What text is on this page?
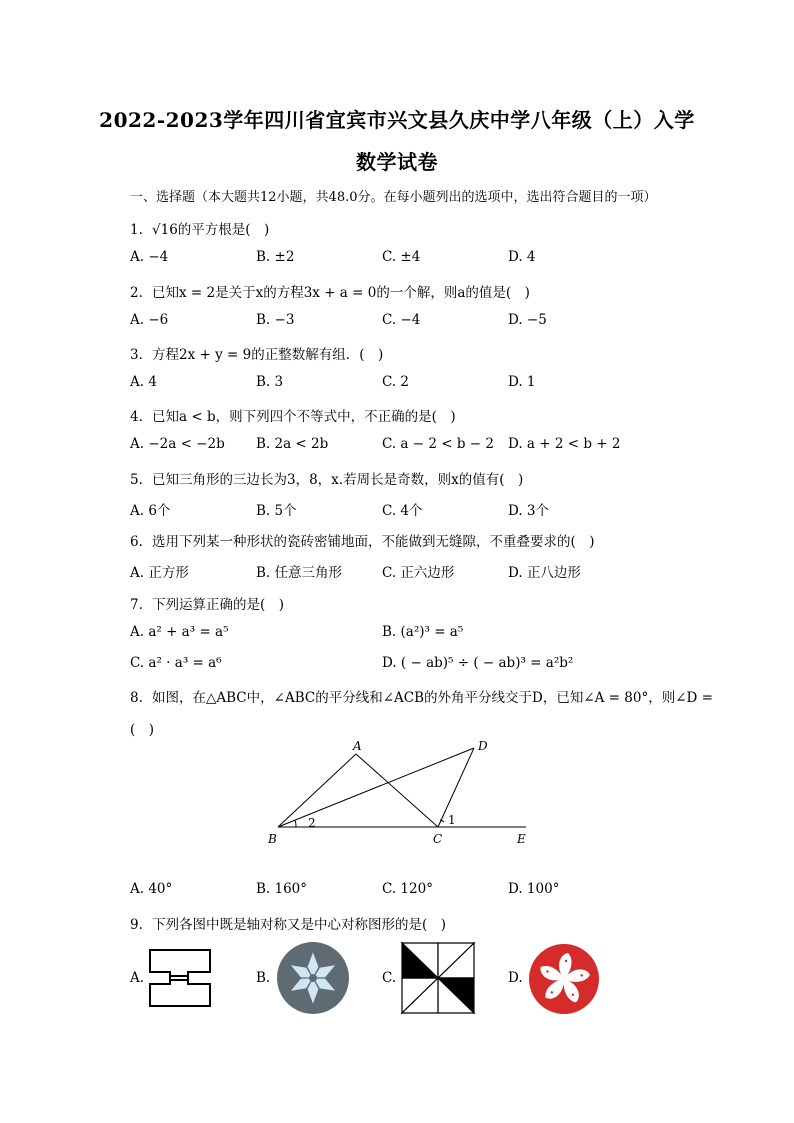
2022-2023学年四川省宜宾市兴文县久庆中学八年级（上）入学
数学试卷
一、选择题（本大题共12小题，共48.0分。在每小题列出的选项中，选出符合题目的一项）
1. √16的平方根是(　)
A. −4	B. ±2	C. ±4	D. 4
2. 已知x = 2是关于x的方程3x + a = 0的一个解，则a的值是(　)
A. −6	B. −3	C. −4	D. −5
3. 方程2x + y = 9的正整数解有组．(　)
A. 4	B. 3	C. 2	D. 1
4. 已知a < b，则下列四个不等式中，不正确的是(　)
A. −2a < −2b B. 2a < 2b	C. a − 2 < b − 2 D. a + 2 < b + 2
5. 已知三角形的三边长为3，8，x.若周长是奇数，则x的值有(　)
A. 6个	B. 5个	C. 4个	D. 3个
6. 选用下列某一种形状的瓷砖密铺地面，不能做到无缝隙，不重叠要求的(　)
A. 正方形	B. 任意三角形	C. 正六边形	D. 正八边形
7. 下列运算正确的是(　)
A. a² + a³ = a⁵	B. (a²)³ = a⁵
C. a² · a³ = a⁶	D. ( − ab)⁵ ÷ ( − ab)³ = a²b²
8. 如图，在△ABC中，∠ABC的平分线和∠ACB的外角平分线交于D，已知∠A = 80°，则∠D =
(　)
A	D
B	C	E
1
2
A. 40°	B. 160°	C. 120°	D. 100°
9. 下列各图中既是轴对称又是中心对称图形的是(　)
A.	B.	C.	D.
